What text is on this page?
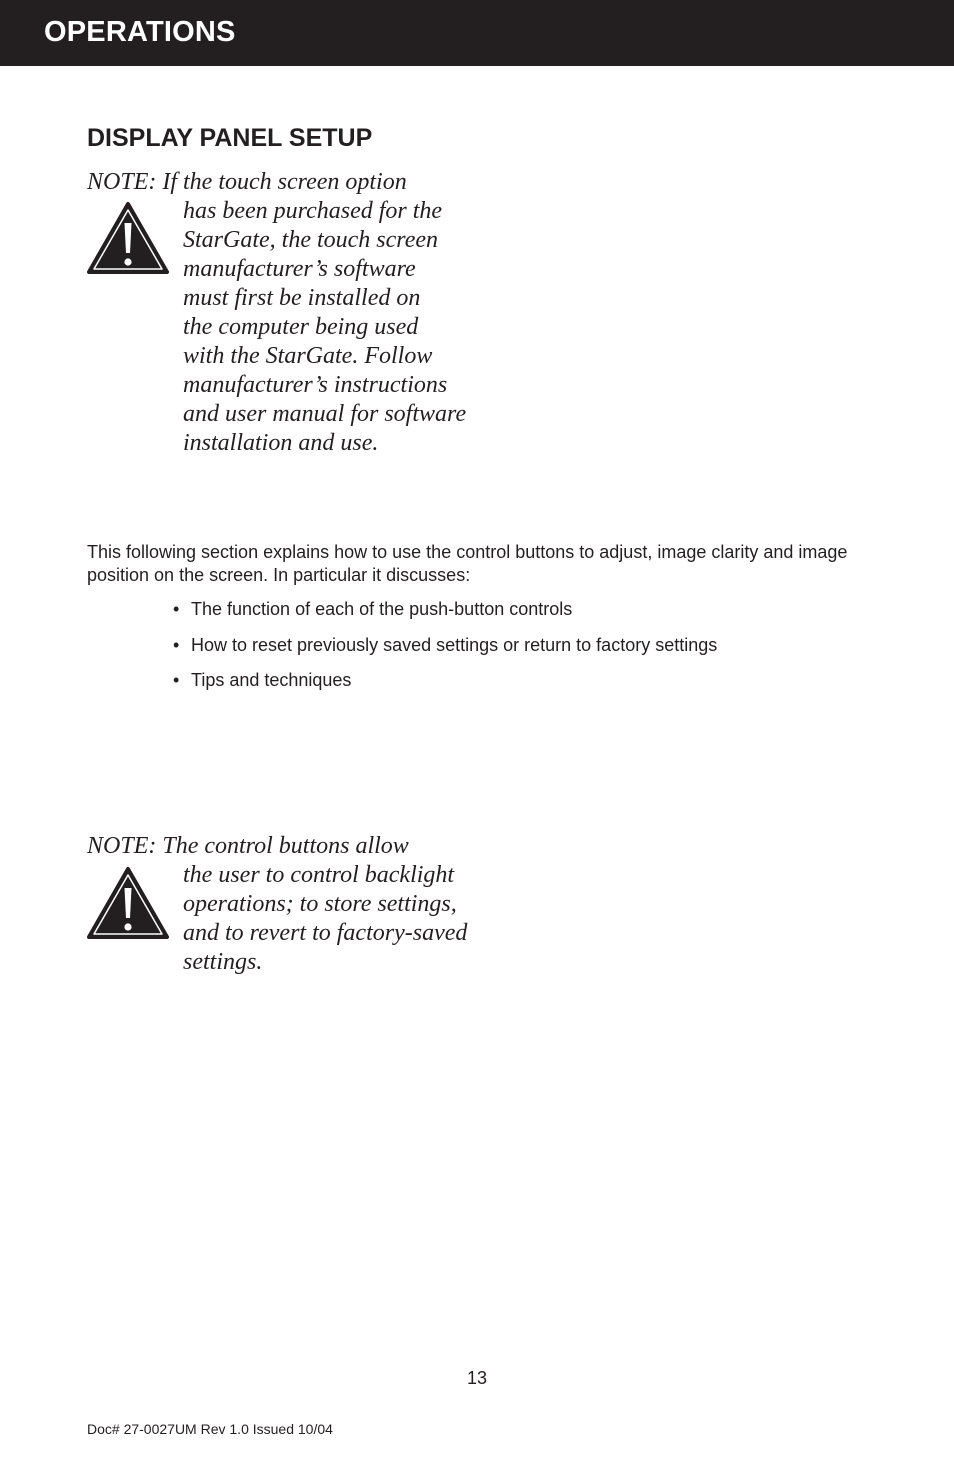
OPERATIONS
DISPLAY PANEL SETUP
NOTE: If the touch screen option
has been purchased for the
StarGate, the touch screen
manufacturer’s software
must first be installed on
the computer being used
with the StarGate. Follow
manufacturer’s instructions
and user manual for software
installation and use.
This following section explains how to use the control buttons to adjust, image clarity and image position on the screen. In particular it discusses:
• The function of each of the push-button controls
• How to reset previously saved settings or return to factory settings
• Tips and techniques
NOTE: The control buttons allow
the user to control backlight
operations; to store settings,
and to revert to factory-saved
settings.
13
Doc# 27-0027UM Rev 1.0 Issued 10/04
